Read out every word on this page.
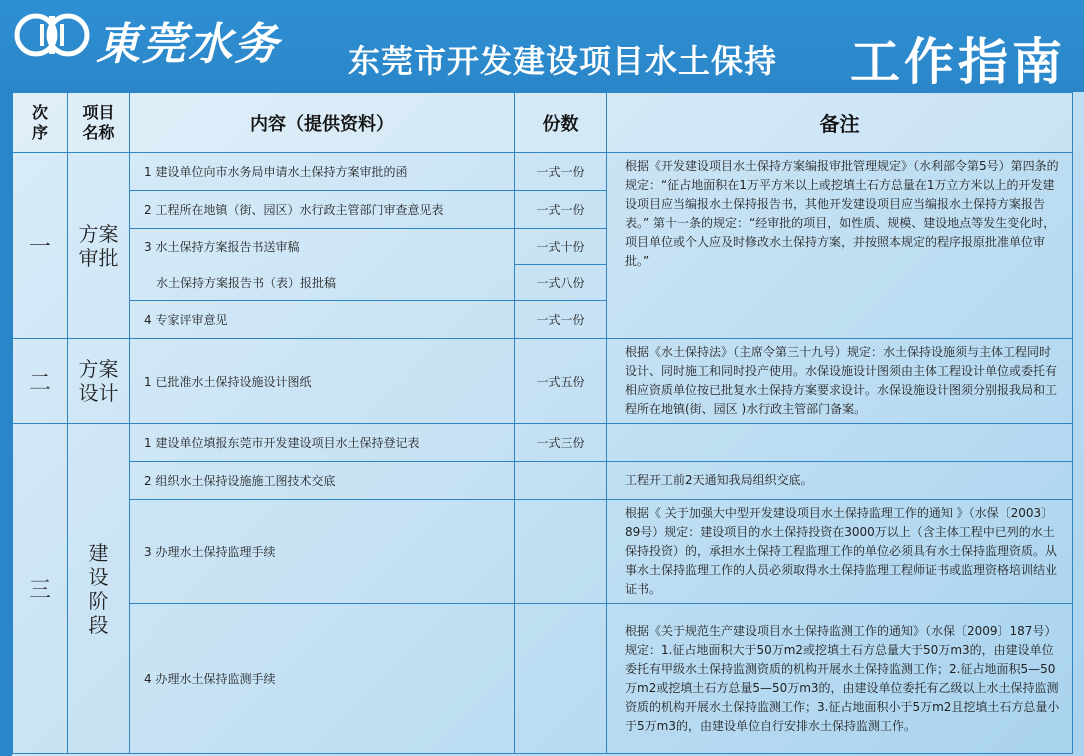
東莞水务 东莞市开发建设项目水土保持 工作指南
次序	项目名称	内容（提供资料）	份数	备注
一	方案审批	1 建设单位向市水务局申请水土保持方案审批的函	一式一份	根据《开发建设项目水土保持方案编报审批管理规定》（水利部令第5号）第四条的规定：“征占地面积在1万平方米以上或挖填土石方总量在1万立方米以上的开发建设项目应当编报水土保持报告书，其他开发建设项目应当编报水土保持方案报告表。” 第十一条的规定：“经审批的项目，如性质、规模、建设地点等发生变化时，项目单位或个人应及时修改水土保持方案，并按照本规定的程序报原批准单位审批。”
		2 工程所在地镇（街、园区）水行政主管部门审查意见表	一式一份	
		3 水土保持方案报告书送审稿	一式十份	
		水土保持方案报告书（表）报批稿	一式八份	
		4 专家评审意见	一式一份	
二	方案设计	1 已批准水土保持设施设计图纸	一式五份	根据《水土保持法》（主席令第三十九号）规定：水土保持设施须与主体工程同时设计、同时施工和同时投产使用。水保设施设计图须由主体工程设计单位或委托有相应资质单位按已批复水土保持方案要求设计。水保设施设计图须分别报我局和工程所在地镇(街、园区 )水行政主管部门备案。
三	建设阶段	1 建设单位填报东莞市开发建设项目水土保持登记表	一式三份	
		2 组织水土保持设施施工图技术交底		工程开工前2天通知我局组织交底。
		3 办理水土保持监理手续		根据《 关于加强大中型开发建设项目水土保持监理工作的通知 》（水保〔2003〕89号）规定：建设项目的水土保持投资在3000万以上（含主体工程中已列的水土保持投资）的，承担水土保持工程监理工作的单位必须具有水土保持监理资质。从事水土保持监理工作的人员必须取得水土保持监理工程师证书或监理资格培训结业证书。
		4 办理水土保持监测手续		根据《关于规范生产建设项目水土保持监测工作的通知》（水保〔2009〕187号）规定：1.征占地面积大于50万m2或挖填土石方总量大于50万m3的，由建设单位委托有甲级水土保持监测资质的机构开展水土保持监测工作；2.征占地面积5—50万m2或挖填土石方总量5—50万m3的，由建设单位委托有乙级以上水土保持监测资质的机构开展水土保持监测工作；3.征占地面积小于5万m2且挖填土石方总量小于5万m3的，由建设单位自行安排水土保持监测工作。
